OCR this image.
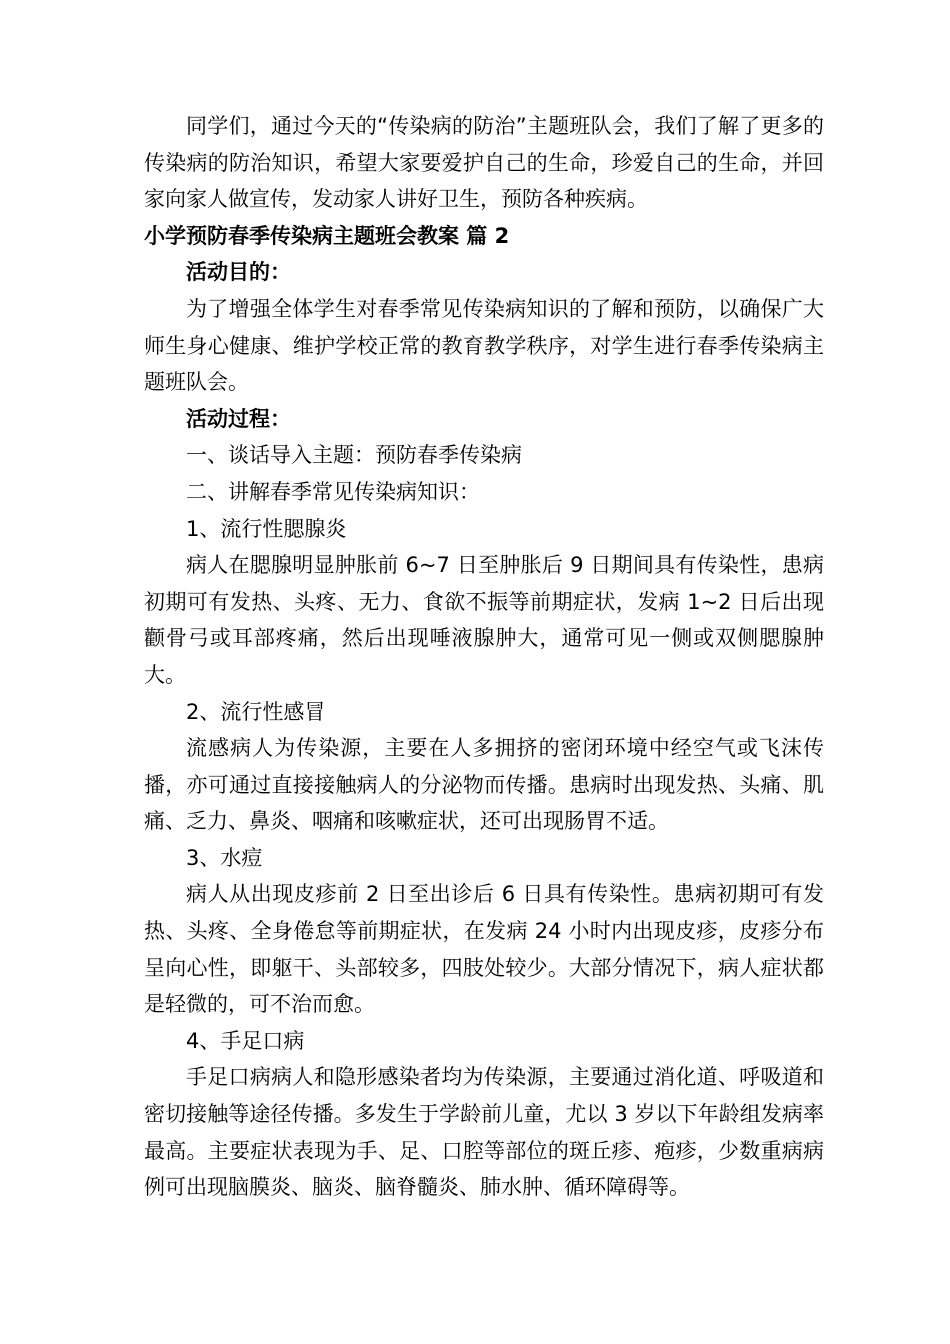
同学们，通过今天的“传染病的防治”主题班队会，我们了解了更多的传染病的防治知识，希望大家要爱护自己的生命，珍爱自己的生命，并回家向家人做宣传，发动家人讲好卫生，预防各种疾病。

小学预防春季传染病主题班会教案 篇 2

活动目的：

为了增强全体学生对春季常见传染病知识的了解和预防，以确保广大师生身心健康、维护学校正常的教育教学秩序，对学生进行春季传染病主题班队会。

活动过程：

一、谈话导入主题：预防春季传染病

二、讲解春季常见传染病知识：

1、流行性腮腺炎

病人在腮腺明显肿胀前 6~7 日至肿胀后 9 日期间具有传染性，患病初期可有发热、头疼、无力、食欲不振等前期症状，发病 1~2 日后出现颧骨弓或耳部疼痛，然后出现唾液腺肿大，通常可见一侧或双侧腮腺肿大。

2、流行性感冒

流感病人为传染源，主要在人多拥挤的密闭环境中经空气或飞沫传播，亦可通过直接接触病人的分泌物而传播。患病时出现发热、头痛、肌痛、乏力、鼻炎、咽痛和咳嗽症状，还可出现肠胃不适。

3、水痘

病人从出现皮疹前 2 日至出诊后 6 日具有传染性。患病初期可有发热、头疼、全身倦怠等前期症状，在发病 24 小时内出现皮疹，皮疹分布呈向心性，即躯干、头部较多，四肢处较少。大部分情况下，病人症状都是轻微的，可不治而愈。

4、手足口病

手足口病病人和隐形感染者均为传染源，主要通过消化道、呼吸道和密切接触等途径传播。多发生于学龄前儿童，尤以 3 岁以下年龄组发病率最高。主要症状表现为手、足、口腔等部位的斑丘疹、疱疹，少数重病病例可出现脑膜炎、脑炎、脑脊髓炎、肺水肿、循环障碍等。
